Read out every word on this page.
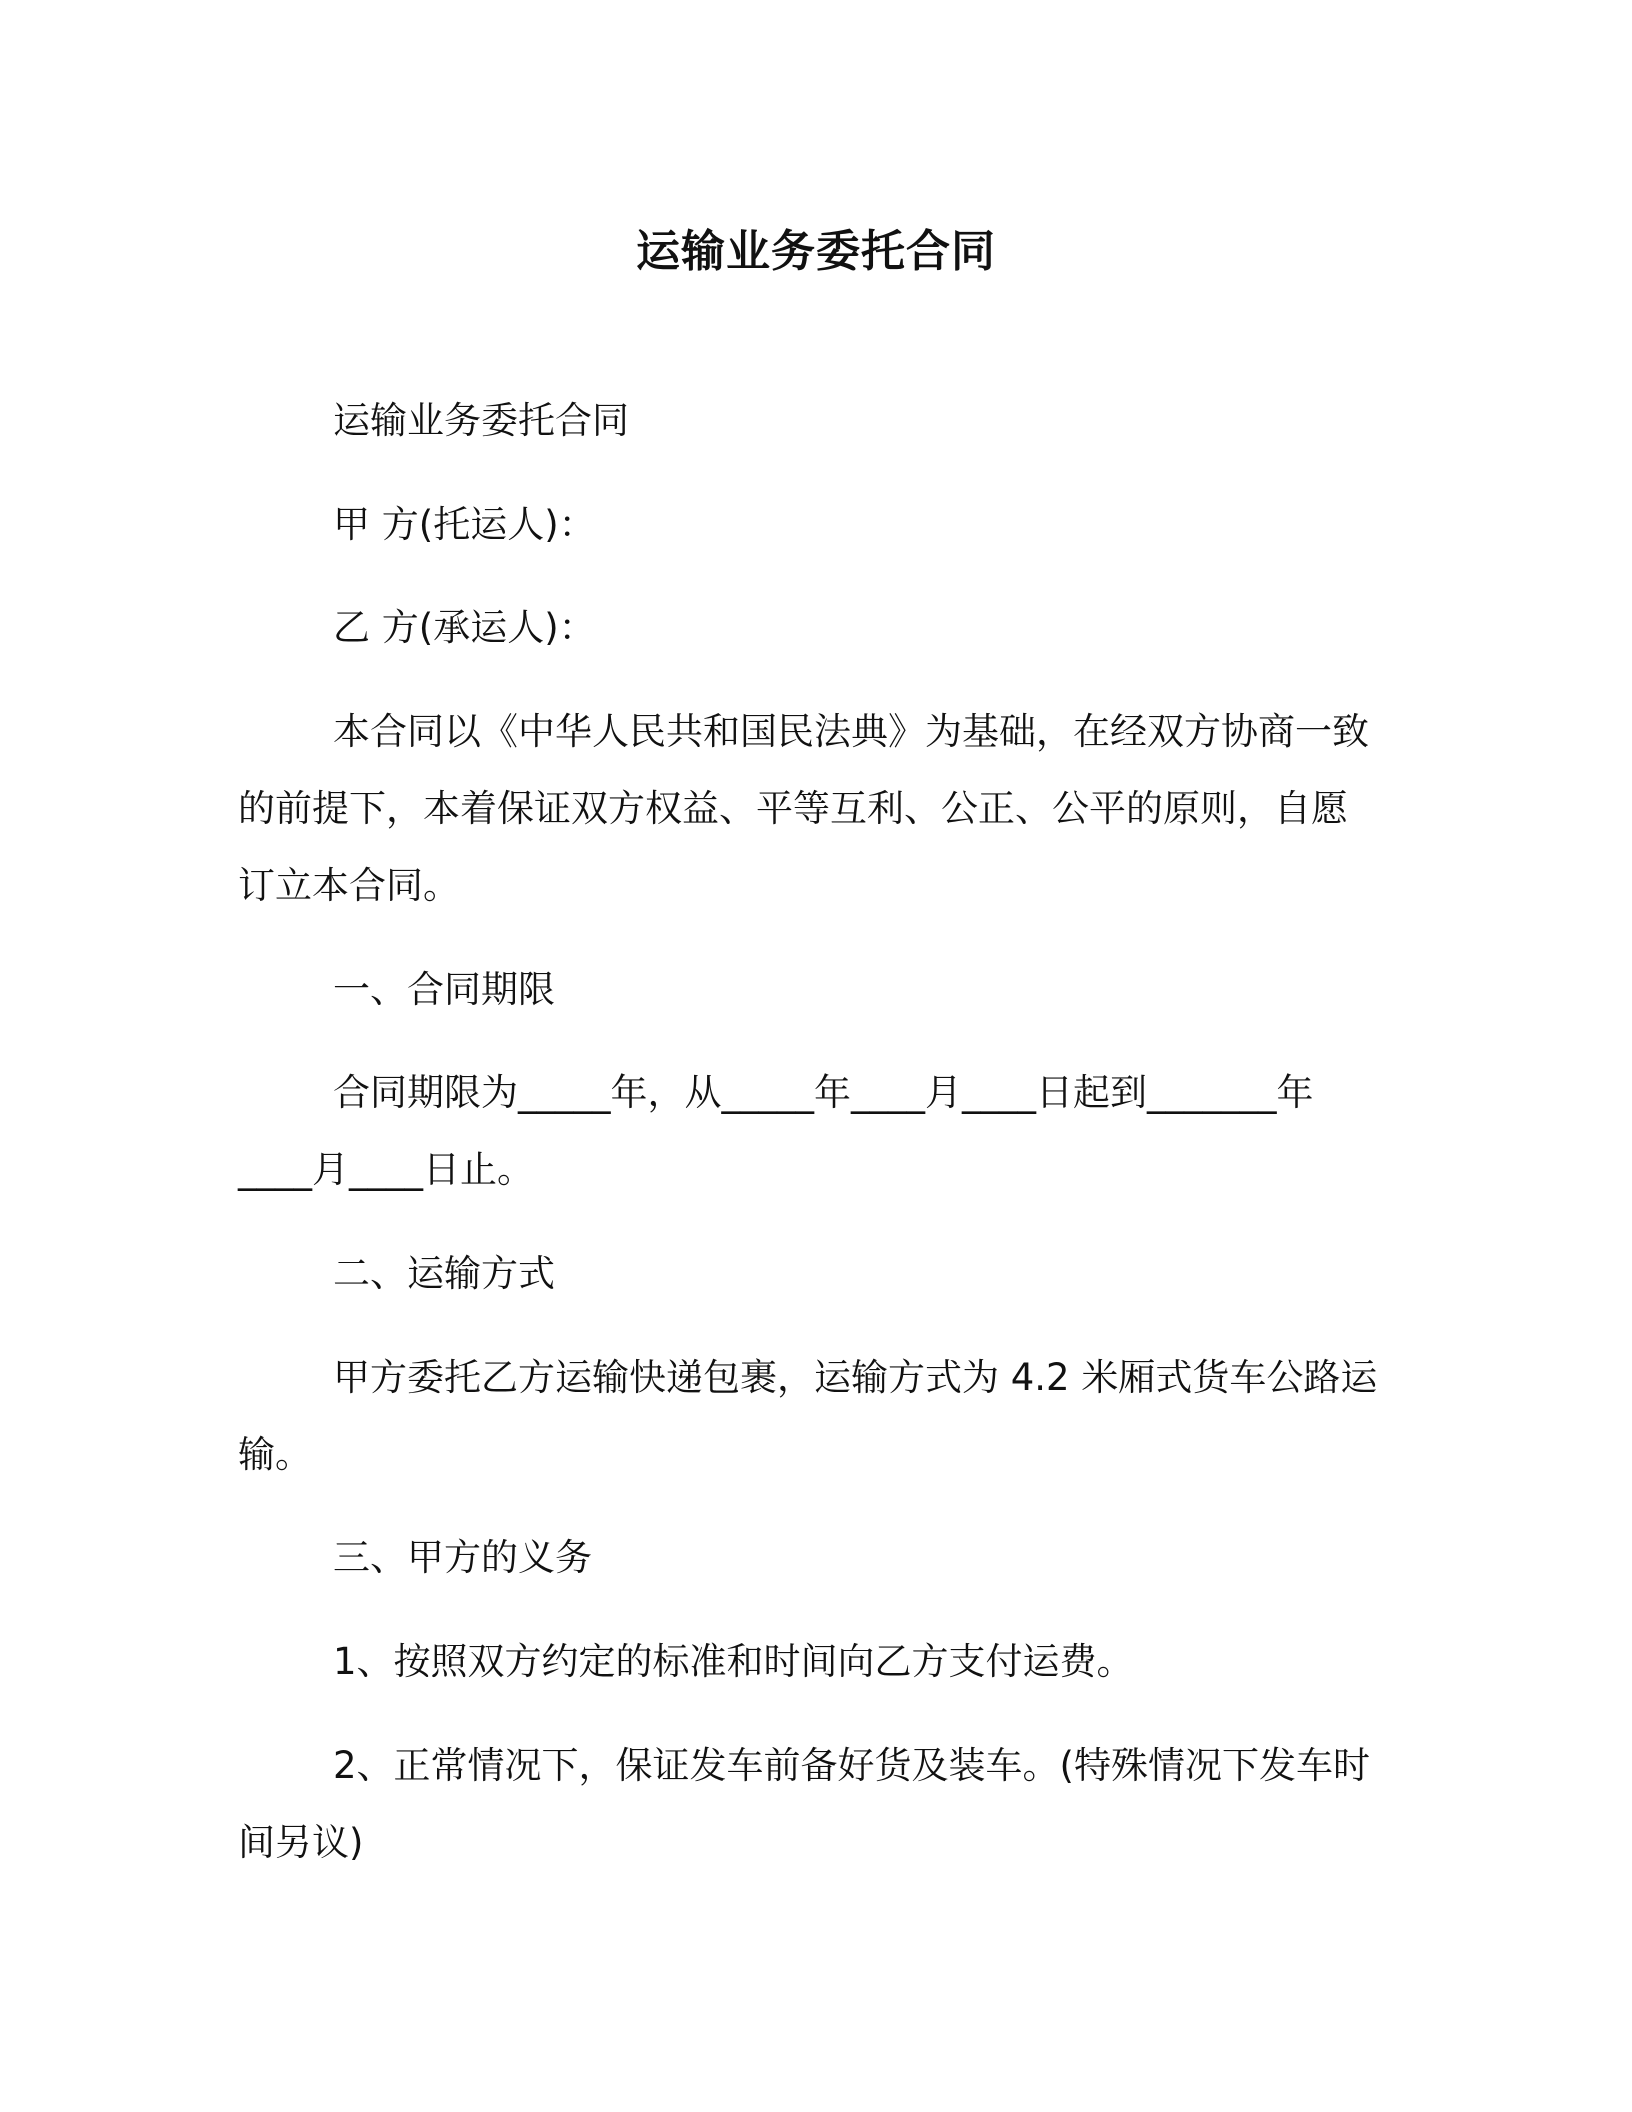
运输业务委托合同
运输业务委托合同
甲 方(托运人)：
乙 方(承运人)：
本合同以《中华人民共和国民法典》为基础，在经双方协商一致
的前提下，本着保证双方权益、平等互利、公正、公平的原则，自愿
订立本合同。
一、合同期限
合同期限为_____年，从_____年____月____日起到_______年
____月____日止。
二、运输方式
甲方委托乙方运输快递包裹，运输方式为 4.2 米厢式货车公路运
输。
三、甲方的义务
1、按照双方约定的标准和时间向乙方支付运费。
2、正常情况下，保证发车前备好货及装车。(特殊情况下发车时
间另议)
